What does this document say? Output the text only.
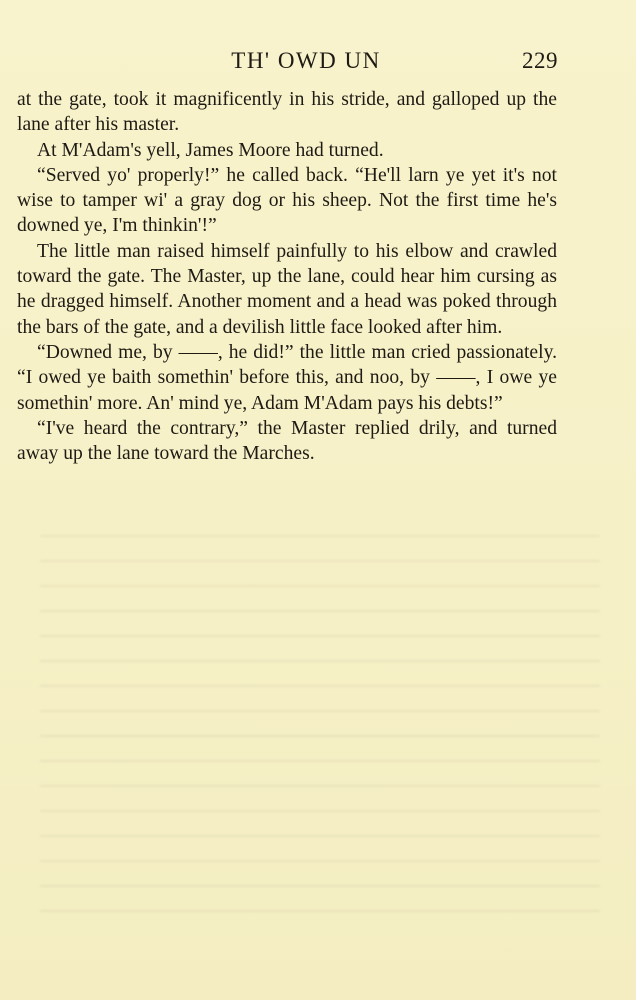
TH' OWD UN	229

at the gate, took it magnificently in his stride, and galloped up the lane after his master.

At M'Adam's yell, James Moore had turned.

“Served yo' properly!” he called back. “He'll larn ye yet it's not wise to tamper wi' a gray dog or his sheep. Not the first time he's downed ye, I'm thinkin'!”

The little man raised himself painfully to his elbow and crawled toward the gate. The Master, up the lane, could hear him cursing as he dragged himself. Another moment and a head was poked through the bars of the gate, and a devilish little face looked after him.

“Downed me, by ——, he did!” the little man cried passionately. “I owed ye baith somethin' before this, and noo, by ——, I owe ye somethin' more. An' mind ye, Adam M'Adam pays his debts!”

“I've heard the contrary,” the Master replied drily, and turned away up the lane toward the Marches.
